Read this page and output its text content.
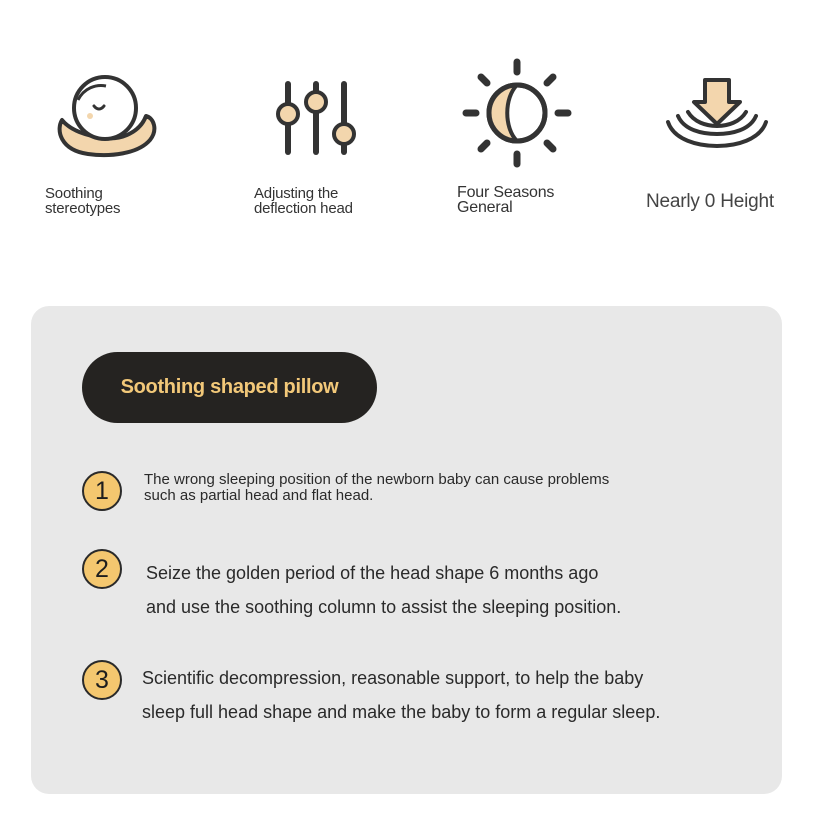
Soothing
stereotypes
Adjusting the
deflection head
Four Seasons
General	Nearly 0 Height
Soothing shaped pillow
1 The wrong sleeping position of the newborn baby can cause problems
such as partial head and flat head.
2 Seize the golden period of the head shape 6 months ago
and use the soothing column to assist the sleeping position.
3 Scientific decompression, reasonable support, to help the baby
sleep full head shape and make the baby to form a regular sleep.
